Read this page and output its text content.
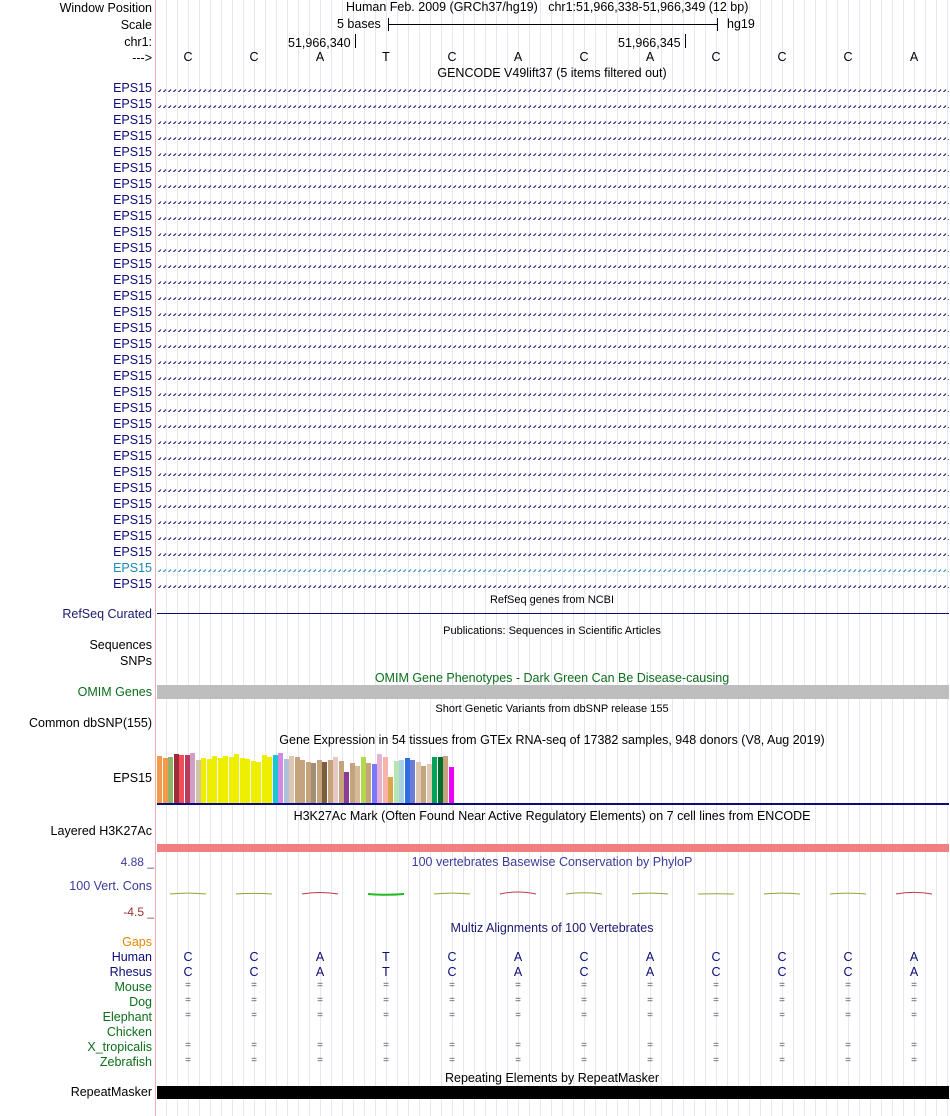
Window Position
Scale
chr1:
--->
Human Feb. 2009 (GRCh37/hg19) chr1:51,966,338-51,966,349 (12 bp)
5 bases	hg19
51,966,340	51,966,345
C	C	A	T	C	A	C	A	C	C	C	A
GENCODE V49lift37 (5 items filtered out)
EPS15
EPS15
EPS15
EPS15
EPS15
EPS15
EPS15
EPS15
EPS15
EPS15
EPS15
EPS15
EPS15
EPS15
EPS15
EPS15
EPS15
EPS15
EPS15
EPS15
EPS15
EPS15
EPS15
EPS15
EPS15
EPS15
EPS15
EPS15
EPS15
EPS15
EPS15
EPS15
RefSeq Curated
RefSeq genes from NCBI
Publications: Sequences in Scientific Articles
Sequences
SNPs
OMIM Gene Phenotypes - Dark Green Can Be Disease-causing
OMIM Genes
Short Genetic Variants from dbSNP release 155
Common dbSNP(155)
Gene Expression in 54 tissues from GTEx RNA-seq of 17382 samples, 948 donors (V8, Aug 2019)
EPS15
H3K27Ac Mark (Often Found Near Active Regulatory Elements) on 7 cell lines from ENCODE
Layered H3K27Ac
4.88 _	100 vertebrates Basewise Conservation by PhyloP
100 Vert. Cons
-4.5 _
Multiz Alignments of 100 Vertebrates
Gaps
Human	C	C	A	T	C	A	C	A	C	C	C	A
Rhesus	C	C	A	T	C	A	C	A	C	C	C	A
Mouse	=	=	=	=	=	=	=	=	=	=	=	=
Dog	=	=	=	=	=	=	=	=	=	=	=	=
Elephant	=	=	=	=	=	=	=	=	=	=	=	=
Chicken
X_tropicalis	=	=	=	=	=	=	=	=	=	=	=	=
Zebrafish	=	=	=	=	=	=	=	=	=	=	=	=
Repeating Elements by RepeatMasker
RepeatMasker
